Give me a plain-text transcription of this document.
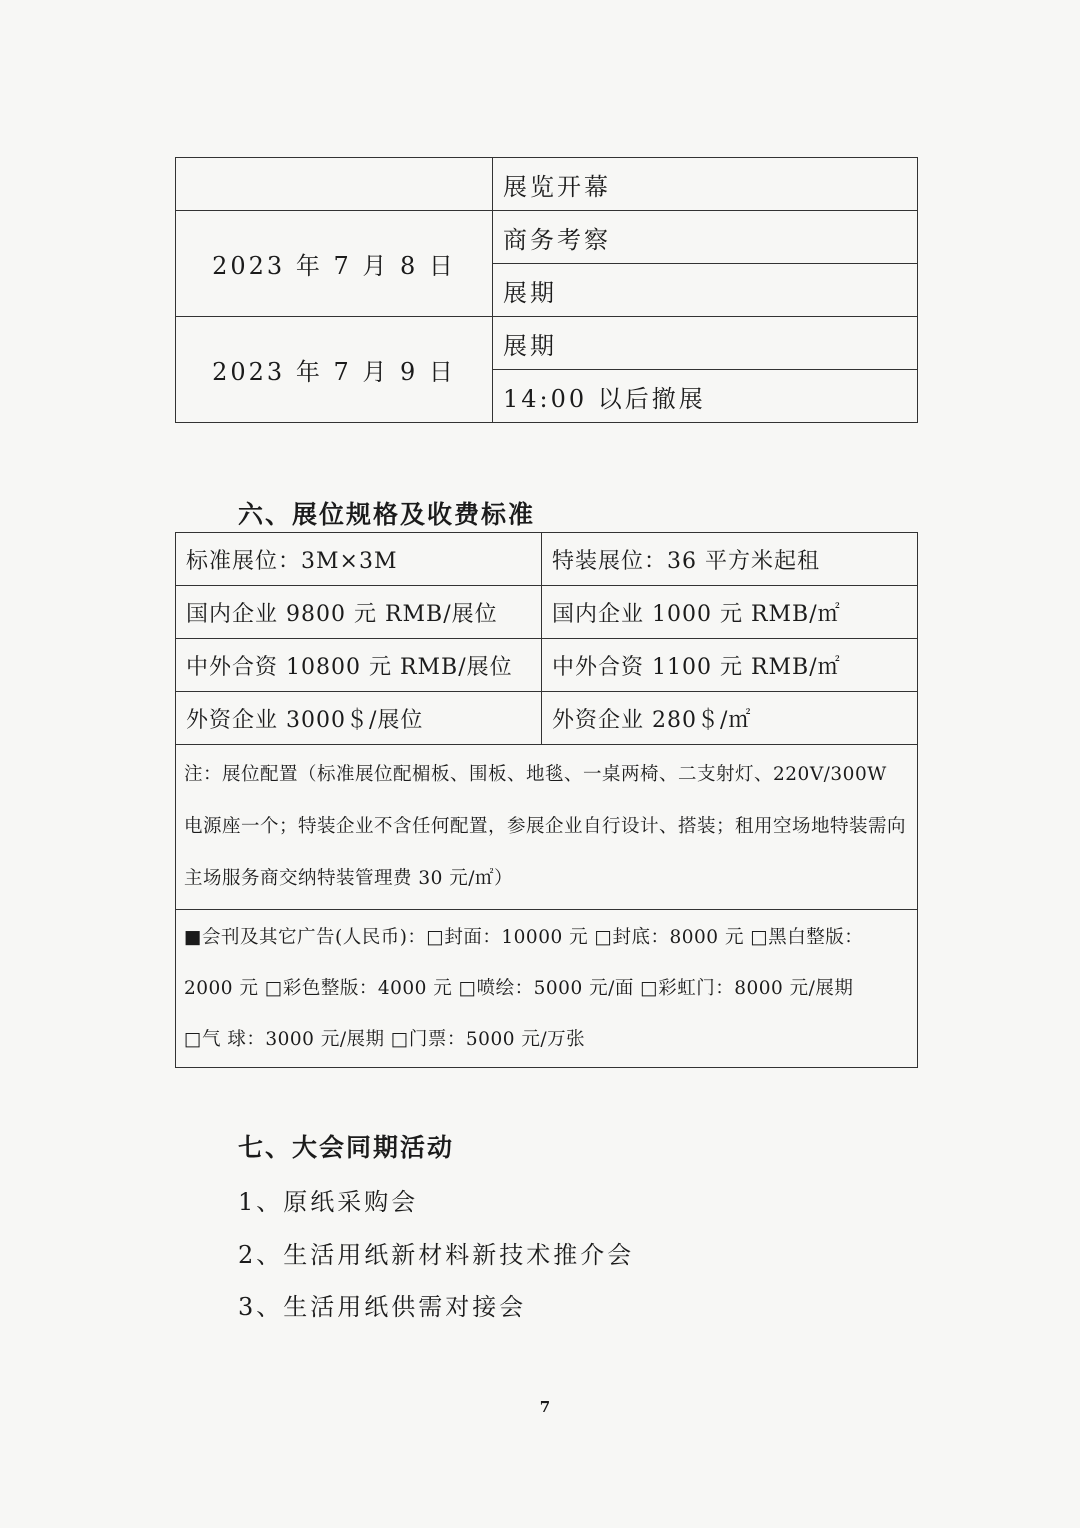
	展览开幕
2023 年 7 月 8 日	商务考察
	展期
2023 年 7 月 9 日	展期
	14:00 以后撤展
六、展位规格及收费标准
标准展位：3M×3M	特装展位：36 平方米起租
国内企业 9800 元 RMB/展位	国内企业 1000 元 RMB/㎡
中外合资 10800 元 RMB/展位	中外合资 1100 元 RMB/㎡
外资企业 3000＄/展位	外资企业 280＄/㎡
注：展位配置（标准展位配楣板、围板、地毯、一桌两椅、二支射灯、220V/300W 电源座一个；特装企业不含任何配置，参展企业自行设计、搭装；租用空场地特装需向主场服务商交纳特装管理费 30 元/㎡）	

■会刊及其它广告(人民币)：□封面：10000 元 □封底：8000 元 □黑白整版：
2000 元 □彩色整版：4000 元 □喷绘：5000 元/面 □彩虹门：8000 元/展期
□气 球：3000 元/展期 □门票：5000 元/万张	
七、大会同期活动
1、原纸采购会
2、生活用纸新材料新技术推介会
3、生活用纸供需对接会
7
